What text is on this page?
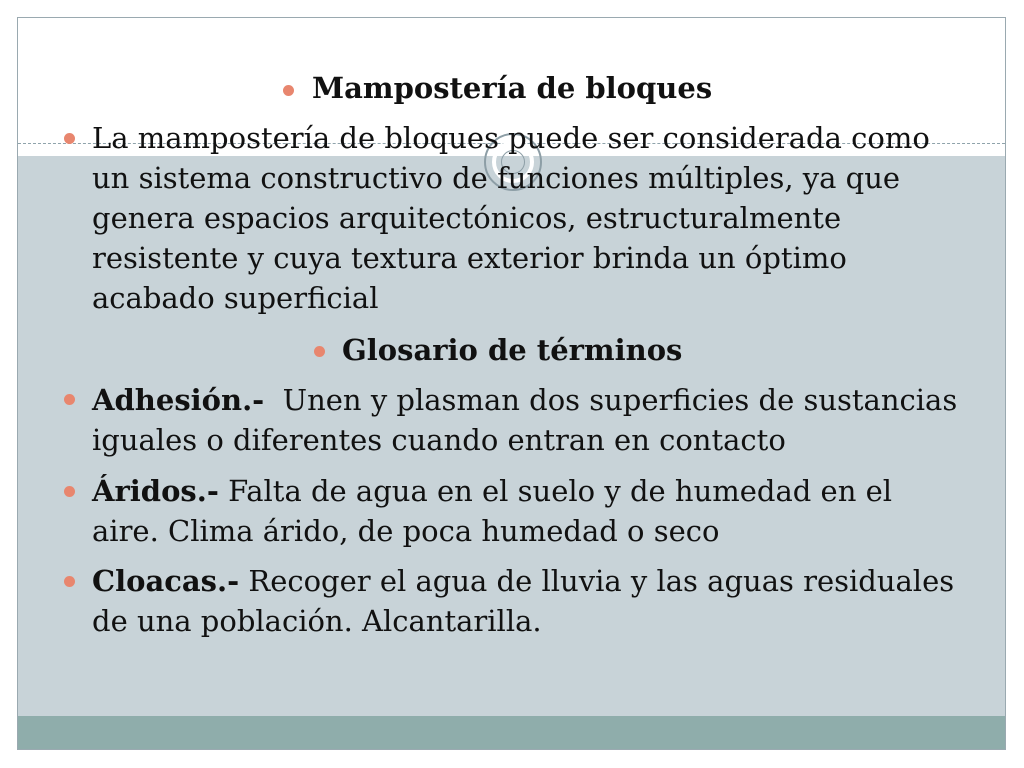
Mampostería de bloques
La mampostería de bloques puede ser considerada como un sistema constructivo de funciones múltiples, ya que genera espacios arquitectónicos, estructuralmente resistente y cuya textura exterior brinda un óptimo acabado superficial
Glosario de términos
Adhesión.-  Unen y plasman dos superficies de sustancias iguales o diferentes cuando entran en contacto
Áridos.- Falta de agua en el suelo y de humedad en el aire. Clima árido, de poca humedad o seco
Cloacas.- Recoger el agua de lluvia y las aguas residuales de una población. Alcantarilla.
